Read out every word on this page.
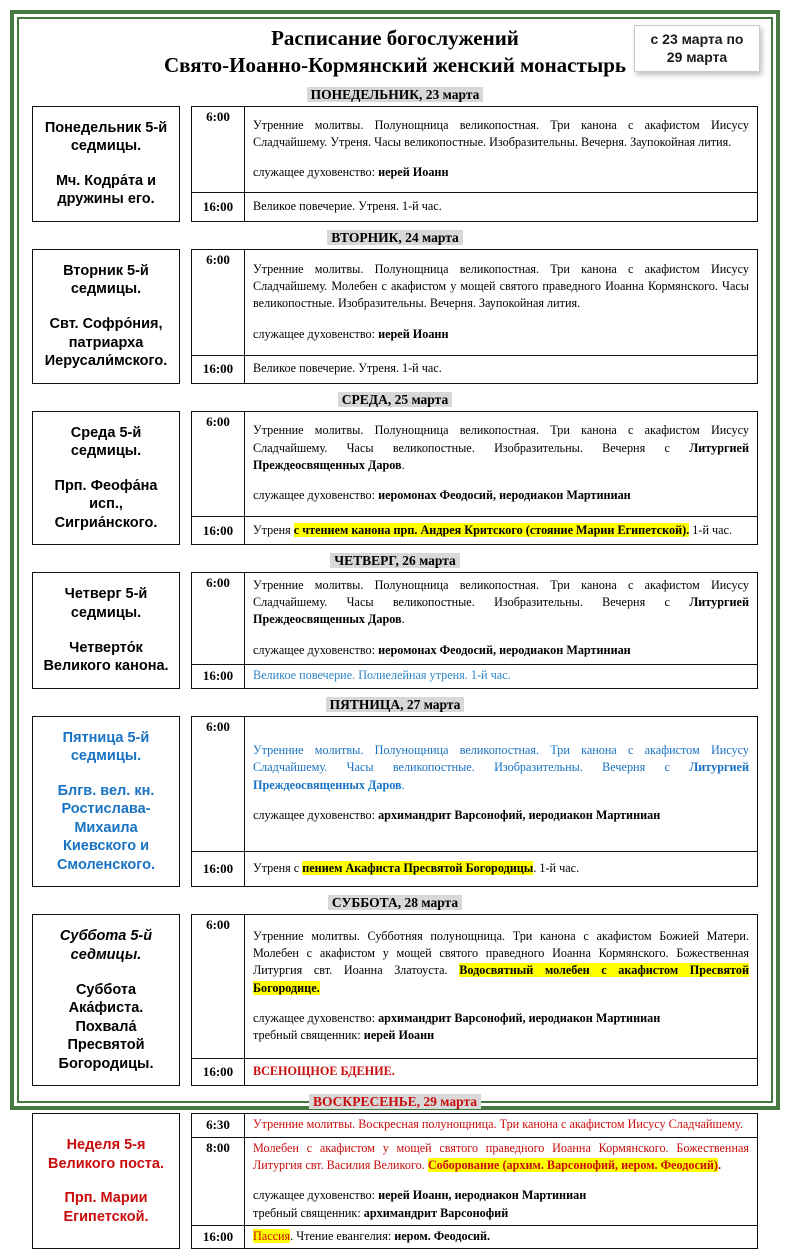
Расписание богослужений
Свято-Иоанно-Кормянский женский монастырь
с 23 марта по
29 марта
ПОНЕДЕЛЬНИК, 23 марта

Понедельник 5-й седмицы.

Мч. Кодра́та и дружины его.

6:00	Утренние молитвы. Полунощница великопостная. Три канона с акафистом Иисусу Сладчайшему. Утреня. Часы великопостные. Изобразительны. Вечерня. Заупокойная лития.
служащее духовенство: иерей Иоанн

16:00	Великое повечерие. Утреня. 1-й час.
ВТОРНИК, 24 марта

Вторник 5-й седмицы.

Свт. Софро́ния, патриарха Иерусали́мского.

6:00	Утренние молитвы. Полунощница великопостная. Три канона с акафистом Иисусу Сладчайшему. Молебен с акафистом у мощей святого праведного Иоанна Кормянского. Часы великопостные. Изобразительны. Вечерня. Заупокойная лития.
служащее духовенство: иерей Иоанн

16:00	Великое повечерие. Утреня. 1-й час.
СРЕДА, 25 марта

Среда 5-й седмицы.

Прп. Феофа́на исп., Сигриа́нского.

6:00	Утренние молитвы. Полунощница великопостная. Три канона с акафистом Иисусу Сладчайшему. Часы великопостные. Изобразительны. Вечерня с Литургией Преждеосвященных Даров.
служащее духовенство: иеромонах Феодосий, иеродиакон Мартиниан

16:00	Утреня с чтением канона прп. Андрея Критского (стояние Марии Египетской). 1-й час.
ЧЕТВЕРГ, 26 марта

Четверг 5-й седмицы.

Четверто́к Великого канона.

6:00	Утренние молитвы. Полунощница великопостная. Три канона с акафистом Иисусу Сладчайшему. Часы великопостные. Изобразительны. Вечерня с Литургией Преждеосвященных Даров.
служащее духовенство: иеромонах Феодосий, иеродиакон Мартиниан

16:00	Великое повечерие. Полиелейная утреня. 1-й час.
ПЯТНИЦА, 27 марта

Пятница 5-й седмицы.

Блгв. вел. кн. Ростислава-Михаила Киевского и Смоленского.

6:00	Утренние молитвы. Полунощница великопостная. Три канона с акафистом Иисусу Сладчайшему. Часы великопостные. Изобразительны. Вечерня с Литургией Преждеосвященных Даров.
служащее духовенство: архимандрит Варсонофий, иеродиакон Мартиниан

16:00	Утреня с пением Акафиста Пресвятой Богородицы. 1-й час.
СУББОТА, 28 марта

Суббота 5-й седмицы.

Суббота Ака́фиста. Похвала́ Пресвятой Богородицы.

6:00	Утренние молитвы. Субботняя полунощница. Три канона с акафистом Божией Матери. Молебен с акафистом у мощей святого праведного Иоанна Кормянского. Божественная Литургия свт. Иоанна Златоуста. Водосвятный молебен с акафистом Пресвятой Богородице.
служащее духовенство: архимандрит Варсонофий, иеродиакон Мартиниан
требный священник: иерей Иоанн

16:00	ВСЕНОЩНОЕ БДЕНИЕ.
ВОСКРЕСЕНЬЕ, 29 марта

Неделя 5-я Великого поста.

Прп. Марии Египетской.

6:30	Утренние молитвы. Воскресная полунощница. Три канона с акафистом Иисусу Сладчайшему.

8:00	Молебен с акафистом у мощей святого праведного Иоанна Кормянского. Божественная Литургия свт. Василия Великого. Соборование (архим. Варсонофий, иером. Феодосий).
служащее духовенство: иерей Иоанн, иеродиакон Мартиниан
требный священник: архимандрит Варсонофий

16:00	Пассия. Чтение евангелия: иером. Феодосий.
